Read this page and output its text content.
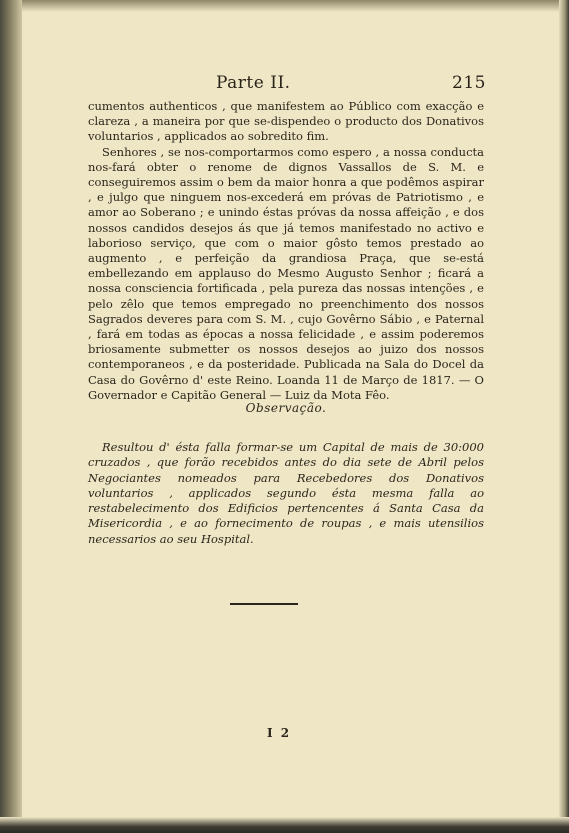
Parte II.	215

cumentos authenticos , que manifestem ao Público com exacção e clareza , a maneira por que se-dispendeo o producto dos Donativos voluntarios , applicados ao sobredito fim.

Senhores , se nos-comportarmos como espero , a nossa conducta nos-fará obter o renome de dignos Vassallos de S. M. e conseguiremos assim o bem da maior honra a que podêmos aspirar , e julgo que ninguem nos-excederá em próvas de Patriotismo , e amor ao Soberano ; e unindo éstas próvas da nossa affeição , e dos nossos candidos desejos ás que já temos manifestado no activo e laborioso serviço, que com o maior gôsto temos prestado ao augmento , e perfeição da grandiosa Praça, que se-está embellezando em applauso do Mesmo Augusto Senhor ; ficará a nossa consciencia fortificada , pela pureza das nossas intenções , e pelo zêlo que temos empregado no preenchimento dos nossos Sagrados deveres para com S. M. , cujo Govêrno Sábio , e Paternal , fará em todas as épocas a nossa felicidade , e assim poderemos briosamente submetter os nossos desejos ao juizo dos nossos contemporaneos , e da posteridade. Publicada na Sala do Docel da Casa do Govêrno d' este Reino. Loanda 11 de Março de 1817. — O Governador e Capitão General — Luiz da Mota Fêo.

Observação.

Resultou d' ésta falla formar-se um Capital de mais de 30:000 cruzados , que forão recebidos antes do dia sete de Abril pelos Negociantes nomeados para Recebedores dos Donativos voluntarios , applicados segundo ésta mesma falla ao restabelecimento dos Edificios pertencentes á Santa Casa da Misericordia , e ao fornecimento de roupas , e mais utensilios necessarios ao seu Hospital.

I 2
